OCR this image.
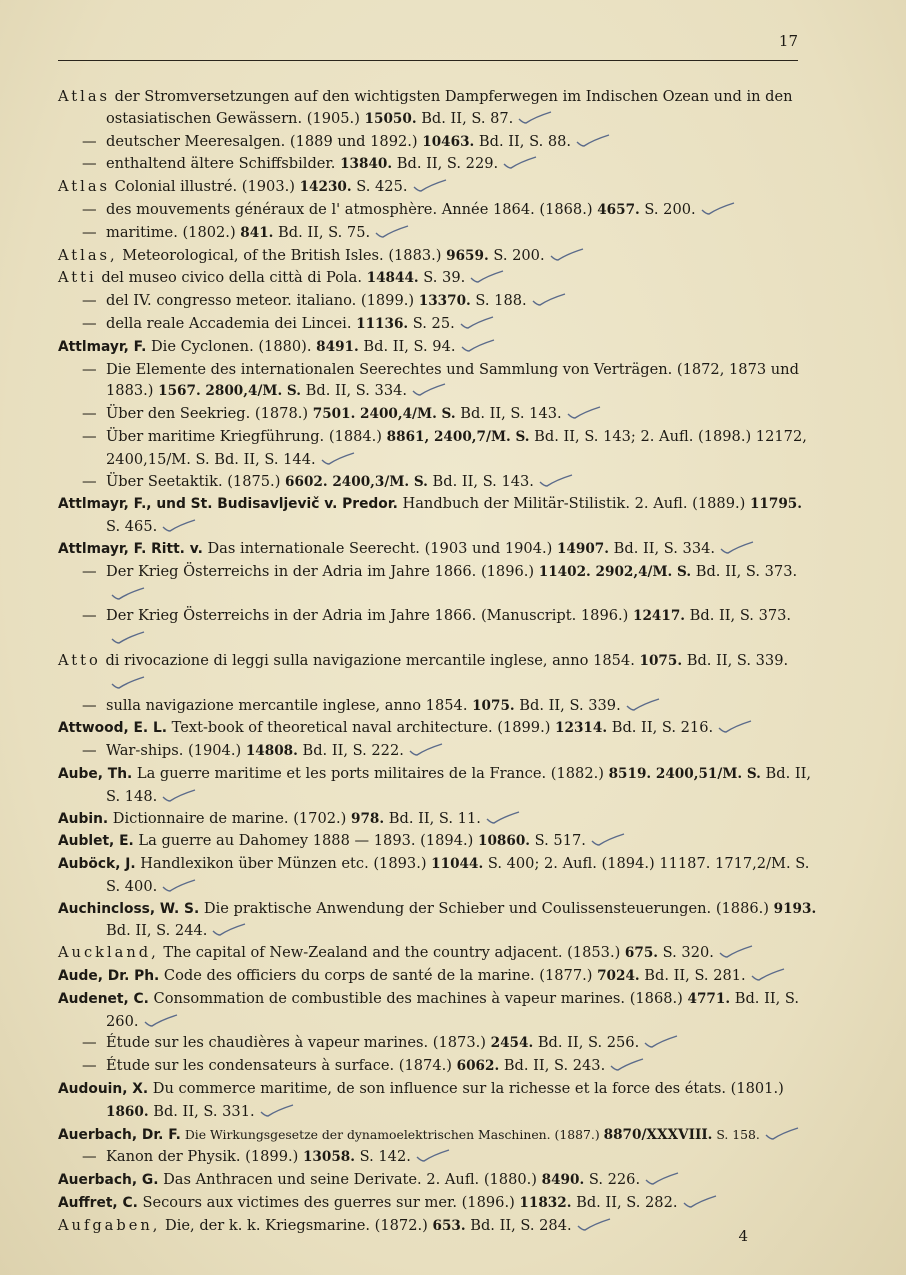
17
Atlas der Stromversetzungen auf den wichtigsten Dampferwegen im Indischen Ozean und in den ostasiatischen Gewässern. (1905.) 15050. Bd. II, S. 87.
— deutscher Meeresalgen. (1889 und 1892.) 10463. Bd. II, S. 88.
— enthaltend ältere Schiffsbilder. 13840. Bd. II, S. 229.
Atlas Colonial illustré. (1903.) 14230. S. 425.
— des mouvements généraux de l' atmosphère. Année 1864. (1868.) 4657. S. 200.
— maritime. (1802.) 841. Bd. II, S. 75.
Atlas, Meteorological, of the British Isles. (1883.) 9659. S. 200.
Atti del museo civico della città di Pola. 14844. S. 39.
— del IV. congresso meteor. italiano. (1899.) 13370. S. 188.
— della reale Accademia dei Lincei. 11136. S. 25.
Attlmayr, F. Die Cyclonen. (1880). 8491. Bd. II, S. 94.
— Die Elemente des internationalen Seerechtes und Sammlung von Verträgen. (1872, 1873 und 1883.) 1567. 2800,4/M. S. Bd. II, S. 334.
— Über den Seekrieg. (1878.) 7501. 2400,4/M. S. Bd. II, S. 143.
— Über maritime Kriegführung. (1884.) 8861, 2400,7/M. S. Bd. II, S. 143; 2. Aufl. (1898.) 12172, 2400,15/M. S. Bd. II, S. 144.
— Über Seetaktik. (1875.) 6602. 2400,3/M. S. Bd. II, S. 143.
Attlmayr, F., und St. Budisavljevič v. Predor. Handbuch der Militär-Stilistik. 2. Aufl. (1889.) 11795. S. 465.
Attlmayr, F. Ritt. v. Das internationale Seerecht. (1903 und 1904.) 14907. Bd. II, S. 334.
— Der Krieg Österreichs in der Adria im Jahre 1866. (1896.) 11402. 2902,4/M. S. Bd. II, S. 373.
— Der Krieg Österreichs in der Adria im Jahre 1866. (Manuscript. 1896.) 12417. Bd. II, S. 373.
Atto di rivocazione di leggi sulla navigazione mercantile inglese, anno 1854. 1075. Bd. II, S. 339.
— sulla navigazione mercantile inglese, anno 1854. 1075. Bd. II, S. 339.
Attwood, E. L. Text-book of theoretical naval architecture. (1899.) 12314. Bd. II, S. 216.
— War-ships. (1904.) 14808. Bd. II, S. 222.
Aube, Th. La guerre maritime et les ports militaires de la France. (1882.) 8519. 2400,51/M. S. Bd. II, S. 148.
Aubin. Dictionnaire de marine. (1702.) 978. Bd. II, S. 11.
Aublet, E. La guerre au Dahomey 1888 — 1893. (1894.) 10860. S. 517.
Auböck, J. Handlexikon über Münzen etc. (1893.) 11044. S. 400; 2. Aufl. (1894.) 11187. 1717,2/M. S. S. 400.
Auchincloss, W. S. Die praktische Anwendung der Schieber und Coulissensteuerungen. (1886.) 9193. Bd. II, S. 244.
Auckland, The capital of New-Zealand and the country adjacent. (1853.) 675. S. 320.
Aude, Dr. Ph. Code des officiers du corps de santé de la marine. (1877.) 7024. Bd. II, S. 281.
Audenet, C. Consommation de combustible des machines à vapeur marines. (1868.) 4771. Bd. II, S. 260.
— Étude sur les chaudières à vapeur marines. (1873.) 2454. Bd. II, S. 256.
— Étude sur les condensateurs à surface. (1874.) 6062. Bd. II, S. 243.
Audouin, X. Du commerce maritime, de son influence sur la richesse et la force des états. (1801.) 1860. Bd. II, S. 331.
Auerbach, Dr. F. Die Wirkungsgesetze der dynamoelektrischen Maschinen. (1887.) 8870/XXXVIII. S. 158.
— Kanon der Physik. (1899.) 13058. S. 142.
Auerbach, G. Das Anthracen und seine Derivate. 2. Aufl. (1880.) 8490. S. 226.
Auffret, C. Secours aux victimes des guerres sur mer. (1896.) 11832. Bd. II, S. 282.
Aufgaben, Die, der k. k. Kriegsmarine. (1872.) 653. Bd. II, S. 284.
4
